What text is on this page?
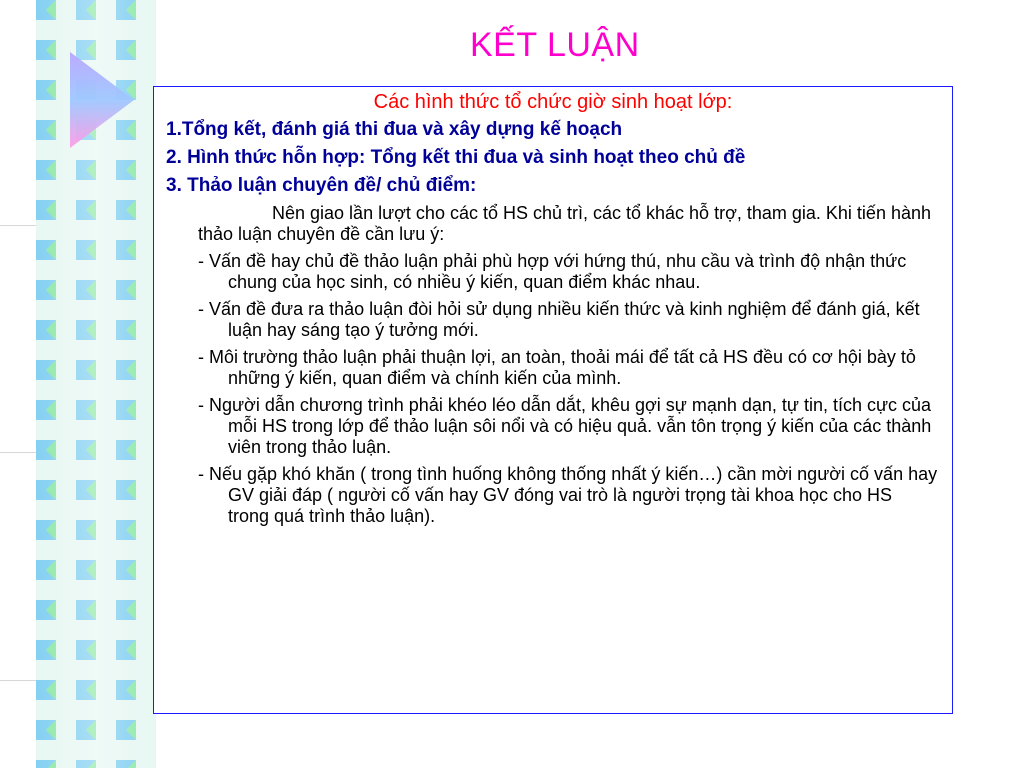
KẾT LUẬN
Các hình thức tổ chức giờ sinh hoạt lớp:
1.Tổng kết, đánh giá thi đua và xây dựng kế hoạch
2. Hình thức hỗn hợp: Tổng kết thi đua và sinh hoạt theo chủ đề
3. Thảo luận chuyên đề/ chủ điểm:

Nên giao lần lượt cho các tổ HS chủ trì, các tổ khác hỗ trợ, tham gia. Khi tiến hành thảo luận chuyên đề cần lưu ý:

- Vấn đề hay chủ đề thảo luận phải phù hợp với hứng thú, nhu cầu và trình độ nhận thức chung của học sinh, có nhiều ý kiến, quan điểm khác nhau.

- Vấn đề đưa ra thảo luận đòi hỏi sử dụng nhiều kiến thức và kinh nghiệm để đánh giá, kết luận hay sáng tạo ý tưởng mới.

- Môi trường thảo luận phải thuận lợi, an toàn, thoải mái để tất cả HS đều có cơ hội bày tỏ những ý kiến, quan điểm và chính kiến của mình.

- Người dẫn chương trình phải khéo léo dẫn dắt, khêu gợi sự mạnh dạn, tự tin, tích cực của mỗi HS trong lớp để thảo luận sôi nổi và có hiệu quả. vẫn tôn trọng ý kiến của các thành viên trong thảo luận.

- Nếu gặp khó khăn ( trong tình huống không thống nhất ý kiến…) cần mời người cố vấn hay GV giải đáp ( người cố vấn hay GV đóng vai trò là người trọng tài khoa học cho HS trong quá trình thảo luận).
